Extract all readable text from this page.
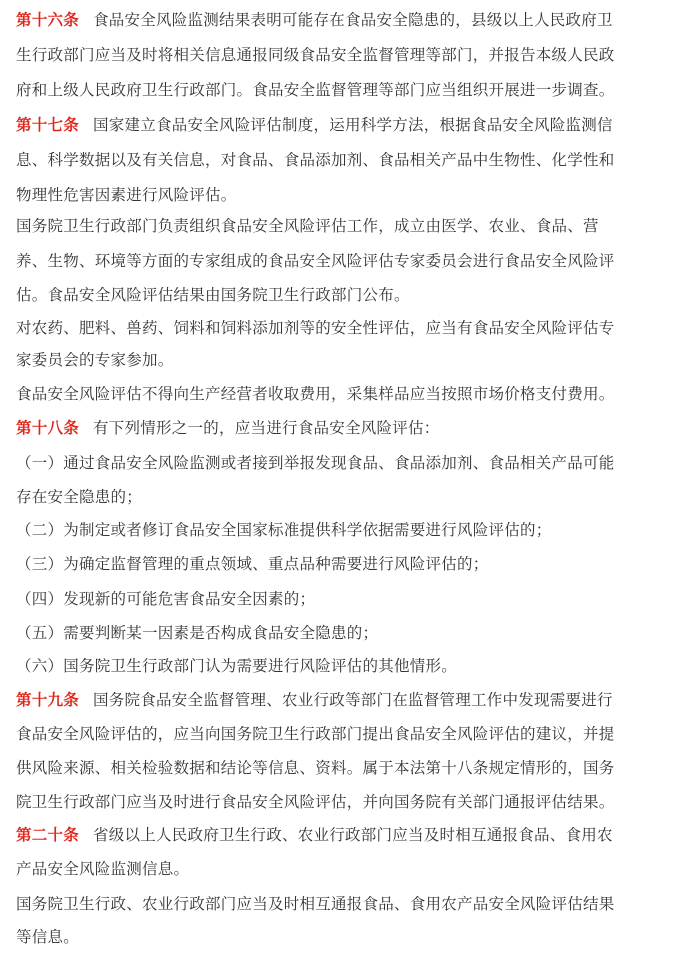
第十六条 食品安全风险监测结果表明可能存在食品安全隐患的，县级以上人民政府卫

生行政部门应当及时将相关信息通报同级食品安全监督管理等部门，并报告本级人民政

府和上级人民政府卫生行政部门。食品安全监督管理等部门应当组织开展进一步调查。

第十七条 国家建立食品安全风险评估制度，运用科学方法，根据食品安全风险监测信

息、科学数据以及有关信息，对食品、食品添加剂、食品相关产品中生物性、化学性和

物理性危害因素进行风险评估。

国务院卫生行政部门负责组织食品安全风险评估工作，成立由医学、农业、食品、营

养、生物、环境等方面的专家组成的食品安全风险评估专家委员会进行食品安全风险评

估。食品安全风险评估结果由国务院卫生行政部门公布。

对农药、肥料、兽药、饲料和饲料添加剂等的安全性评估，应当有食品安全风险评估专

家委员会的专家参加。

食品安全风险评估不得向生产经营者收取费用，采集样品应当按照市场价格支付费用。

第十八条 有下列情形之一的，应当进行食品安全风险评估：

（一）通过食品安全风险监测或者接到举报发现食品、食品添加剂、食品相关产品可能

存在安全隐患的；

（二）为制定或者修订食品安全国家标准提供科学依据需要进行风险评估的；

（三）为确定监督管理的重点领域、重点品种需要进行风险评估的；

（四）发现新的可能危害食品安全因素的；

（五）需要判断某一因素是否构成食品安全隐患的；

（六）国务院卫生行政部门认为需要进行风险评估的其他情形。

第十九条 国务院食品安全监督管理、农业行政等部门在监督管理工作中发现需要进行

食品安全风险评估的，应当向国务院卫生行政部门提出食品安全风险评估的建议，并提

供风险来源、相关检验数据和结论等信息、资料。属于本法第十八条规定情形的，国务

院卫生行政部门应当及时进行食品安全风险评估，并向国务院有关部门通报评估结果。

第二十条 省级以上人民政府卫生行政、农业行政部门应当及时相互通报食品、食用农

产品安全风险监测信息。

国务院卫生行政、农业行政部门应当及时相互通报食品、食用农产品安全风险评估结果

等信息。
